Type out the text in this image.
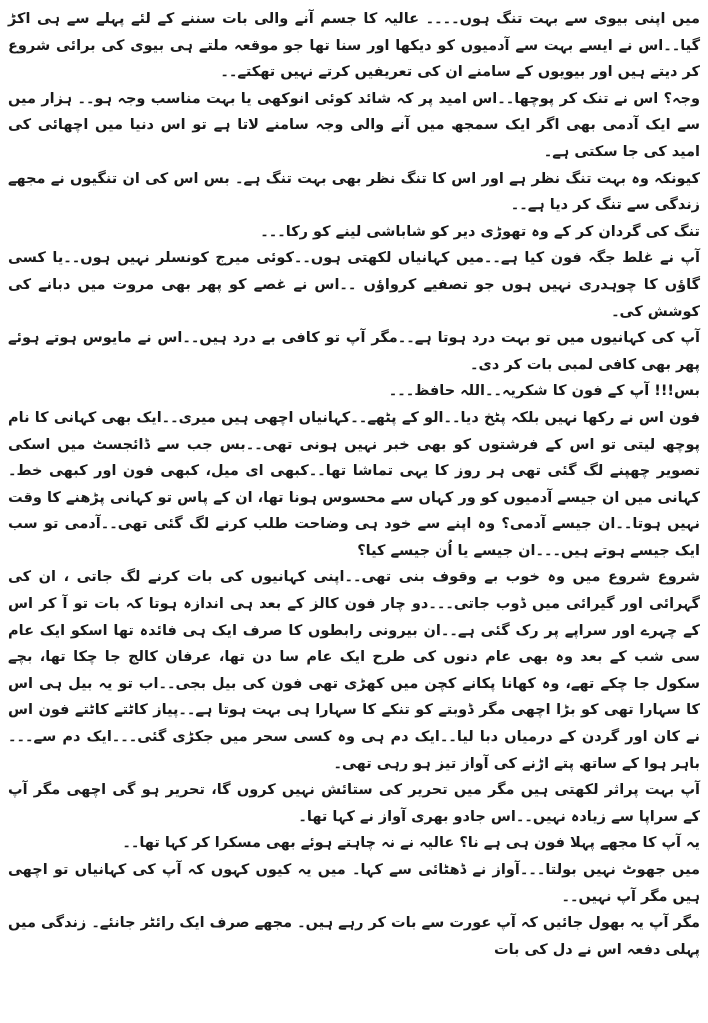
میں اپنی بیوی سے بہت تنگ ہوں۔۔۔۔ عالیہ کا جسم آنے والی بات سننے کے لئے پہلے سے ہی اکڑ گیا۔۔اس نے ایسے بہت سے آدمیوں کو دیکھا اور سنا تھا جو موقعہ ملتے ہی بیوی کی برائی شروع کر دیتے ہیں اور بیویوں کے سامنے ان کی تعریفیں کرتے نہیں تھکتے۔۔

وجہ؟ اس نے تنک کر پوچھا۔۔اس امید پر کہ شائد کوئی انوکھی یا بہت مناسب وجہ ہو۔۔ ہزار میں سے ایک آدمی بھی اگر ایک سمجھ میں آنے والی وجہ سامنے لاتا ہے تو اس دنیا میں اچھائی کی امید کی جا سکتی ہے۔

کیونکہ وہ بہت تنگ نظر ہے اور اس کا تنگ نظر بھی بہت تنگ ہے۔ بس اس کی ان تنگیوں نے مجھے زندگی سے تنگ کر دیا ہے۔۔

تنگ کی گردان کر کے وہ تھوڑی دیر کو شاباشی لینے کو رکا۔۔۔

آپ نے غلط جگہ فون کیا ہے۔۔میں کہانیاں لکھتی ہوں۔۔کوئی میرج کونسلر نہیں ہوں۔۔یا کسی گاؤں کا چوہدری نہیں ہوں جو تصفیے کرواؤں ۔۔اس نے غصے کو پھر بھی مروت میں دبانے کی کوشش کی۔

آپ کی کہانیوں میں تو بہت درد ہوتا ہے۔۔مگر آپ تو کافی بے درد ہیں۔۔اس نے مایوس ہوتے ہوئے پھر بھی کافی لمبی بات کر دی۔

بس!!! آپ کے فون کا شکریہ۔۔اللہ حافظ۔۔۔

فون اس نے رکھا نہیں بلکہ پٹخ دیا۔۔الو کے پٹھے۔۔کہانیاں اچھی ہیں میری۔۔ایک بھی کہانی کا نام پوچھ لیتی تو اس کے فرشتوں کو بھی خبر نہیں ہونی تھی۔۔بس جب سے ڈائجسٹ میں اسکی تصویر چھپنے لگ گئی تھی ہر روز کا یہی تماشا تھا۔۔کبھی ای میل، کبھی فون اور کبھی خط۔ کہانی میں ان جیسے آدمیوں کو ور کہاں سے محسوس ہونا تھا، ان کے پاس تو کہانی پڑھنے کا وقت نہیں ہوتا۔۔ان جیسے آدمی؟ وہ اپنے سے خود ہی وضاحت طلب کرنے لگ گئی تھی۔۔آدمی تو سب ایک جیسے ہوتے ہیں۔۔۔ان جیسے یا اُن جیسے کیا؟

شروع شروع میں وہ خوب بے وقوف بنی تھی۔۔اپنی کہانیوں کی بات کرنے لگ جاتی ، ان کی گہرائی اور گیرائی میں ڈوب جاتی۔۔۔دو چار فون کالز کے بعد ہی اندازہ ہوتا کہ بات تو آ کر اس کے چہرے اور سراپے پر رک گئی ہے۔۔ان بیرونی رابطوں کا صرف ایک ہی فائدہ تھا اسکو ایک عام سی شب کے بعد وہ بھی عام دنوں کی طرح ایک عام سا دن تھا، عرفان کالج جا چکا تھا، بچے سکول جا چکے تھے، وہ کھانا پکانے کچن میں کھڑی تھی فون کی بیل بجی۔۔اب تو یہ بیل ہی اس کا سہارا تھی کو بڑا اچھی مگر ڈوبتے کو تنکے کا سہارا ہی بہت ہوتا ہے۔۔پیاز کاٹتے کاٹتے فون اس نے کان اور گردن کے درمیاں دبا لیا۔۔ایک دم ہی وہ کسی سحر میں جکڑی گئی۔۔۔ایک دم سے۔۔۔باہر ہوا کے ساتھ پتے اڑنے کی آواز تیز ہو رہی تھی۔

آپ بہت پراثر لکھتی ہیں مگر میں تحریر کی ستائش نہیں کروں گا، تحریر ہو گی اچھی مگر آپ کے سراپا سے زیادہ نہیں۔۔اس جادو بھری آواز نے کہا تھا۔

یہ آپ کا مجھے پہلا فون ہی ہے نا؟ عالیہ نے نہ چاہتے ہوئے بھی مسکرا کر کہا تھا۔۔

میں جھوٹ نہیں بولتا۔۔۔آواز نے ڈھٹائی سے کہا۔ میں یہ کیوں کہوں کہ آپ کی کہانیاں تو اچھی ہیں مگر آپ نہیں۔۔

مگر آپ یہ بھول جائیں کہ آپ عورت سے بات کر رہے ہیں۔ مجھے صرف ایک رائٹر جانئے۔ زندگی میں پہلی دفعہ اس نے دل کی بات
